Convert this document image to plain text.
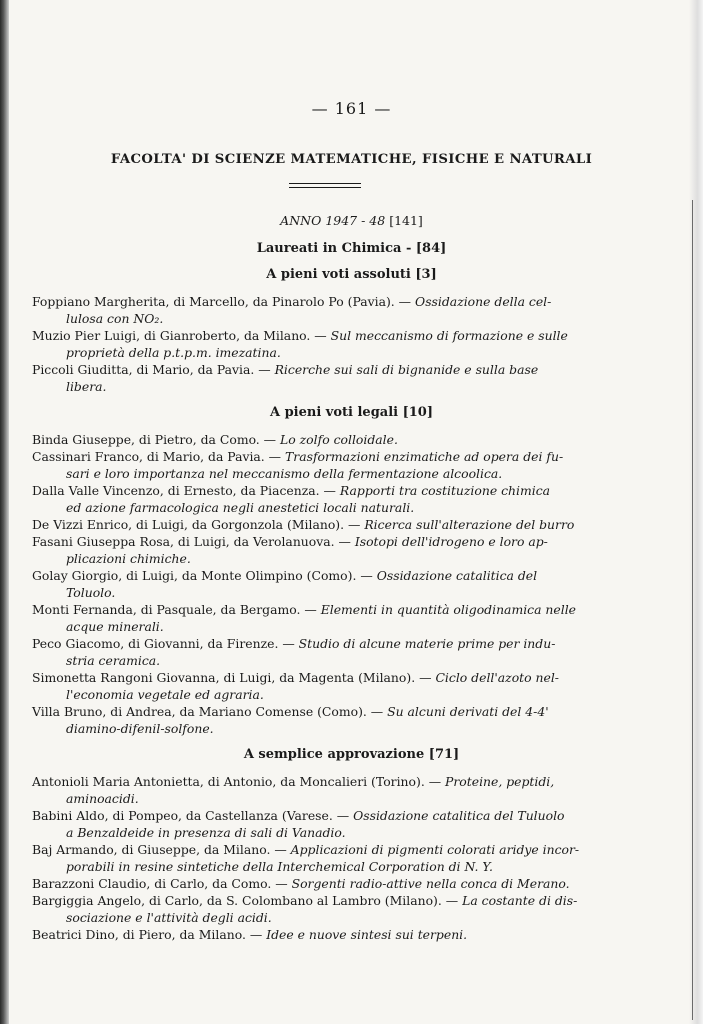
— 161 —
FACOLTA' DI SCIENZE MATEMATICHE, FISICHE E NATURALI
ANNO 1947 - 48 [141]
Laureati in Chimica - [84]
A pieni voti assoluti [3]
Foppiano Margherita, di Marcello, da Pinarolo Po (Pavia). — Ossidazione della cel-
lulosa con NO₂.
Muzio Pier Luigi, di Gianroberto, da Milano. — Sul meccanismo di formazione e sulle
proprietà della p.t.p.m. imezatina.
Piccoli Giuditta, di Mario, da Pavia. — Ricerche sui sali di bignanide e sulla base
libera.
A pieni voti legali [10]
Binda Giuseppe, di Pietro, da Como. — Lo zolfo colloidale.
Cassinari Franco, di Mario, da Pavia. — Trasformazioni enzimatiche ad opera dei fu-
sari e loro importanza nel meccanismo della fermentazione alcoolica.
Dalla Valle Vincenzo, di Ernesto, da Piacenza. — Rapporti tra costituzione chimica
ed azione farmacologica negli anestetici locali naturali.
De Vizzi Enrico, di Luigi, da Gorgonzola (Milano). — Ricerca sull'alterazione del burro
Fasani Giuseppa Rosa, di Luigi, da Verolanuova. — Isotopi dell'idrogeno e loro ap-
plicazioni chimiche.
Golay Giorgio, di Luigi, da Monte Olimpino (Como). — Ossidazione catalitica del
Toluolo.
Monti Fernanda, di Pasquale, da Bergamo. — Elementi in quantità oligodinamica nelle
acque minerali.
Peco Giacomo, di Giovanni, da Firenze. — Studio di alcune materie prime per indu-
stria ceramica.
Simonetta Rangoni Giovanna, di Luigi, da Magenta (Milano). — Ciclo dell'azoto nel-
l'economia vegetale ed agraria.
Villa Bruno, di Andrea, da Mariano Comense (Como). — Su alcuni derivati del 4-4'
diamino-difenil-solfone.
A semplice approvazione [71]
Antonioli Maria Antonietta, di Antonio, da Moncalieri (Torino). — Proteine, peptidi,
aminoacidi.
Babini Aldo, di Pompeo, da Castellanza (Varese. — Ossidazione catalitica del Tuluolo
a Benzaldeide in presenza di sali di Vanadio.
Baj Armando, di Giuseppe, da Milano. — Applicazioni di pigmenti colorati aridye incor-
porabili in resine sintetiche della Interchemical Corporation di N. Y.
Barazzoni Claudio, di Carlo, da Como. — Sorgenti radio-attive nella conca di Merano.
Bargiggia Angelo, di Carlo, da S. Colombano al Lambro (Milano). — La costante di dis-
sociazione e l'attività degli acidi.
Beatrici Dino, di Piero, da Milano. — Idee e nuove sintesi sui terpeni.
